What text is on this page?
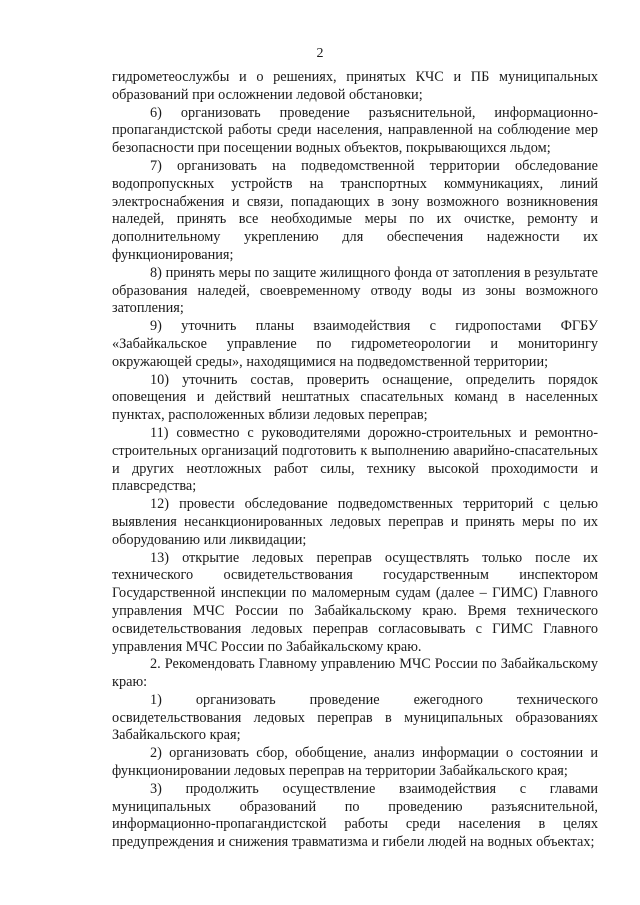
2

гидрометеослужбы и о решениях, принятых КЧС и ПБ муниципальных образований при осложнении ледовой обстановки;

6) организовать проведение разъяснительной, информационно-пропагандистской работы среди населения, направленной на соблюдение мер безопасности при посещении водных объектов, покрывающихся льдом;

7) организовать на подведомственной территории обследование водопропускных устройств на транспортных коммуникациях, линий электроснабжения и связи, попадающих в зону возможного возникновения наледей, принять все необходимые меры по их очистке, ремонту и дополнительному укреплению для обеспечения надежности их функционирования;

8) принять меры по защите жилищного фонда от затопления в результате образования наледей, своевременному отводу воды из зоны возможного затопления;

9) уточнить планы взаимодействия с гидропостами ФГБУ «Забайкальское управление по гидрометеорологии и мониторингу окружающей среды», находящимися на подведомственной территории;

10) уточнить состав, проверить оснащение, определить порядок оповещения и действий нештатных спасательных команд в населенных пунктах, расположенных вблизи ледовых переправ;

11) совместно с руководителями дорожно-строительных и ремонтно-строительных организаций подготовить к выполнению аварийно-спасательных и других неотложных работ силы, технику высокой проходимости и плавсредства;

12) провести обследование подведомственных территорий с целью выявления несанкционированных ледовых переправ и принять меры по их оборудованию или ликвидации;

13) открытие ледовых переправ осуществлять только после их технического освидетельствования государственным инспектором Государственной инспекции по маломерным судам (далее – ГИМС) Главного управления МЧС России по Забайкальскому краю. Время технического освидетельствования ледовых переправ согласовывать с ГИМС Главного управления МЧС России по Забайкальскому краю.

2. Рекомендовать Главному управлению МЧС России по Забайкальскому краю:

1) организовать проведение ежегодного технического освидетельствования ледовых переправ в муниципальных образованиях Забайкальского края;

2) организовать сбор, обобщение, анализ информации о состоянии и функционировании ледовых переправ на территории Забайкальского края;

3) продолжить осуществление взаимодействия с главами муниципальных образований по проведению разъяснительной, информационно-пропагандистской работы среди населения в целях предупреждения и снижения травматизма и гибели людей на водных объектах;
